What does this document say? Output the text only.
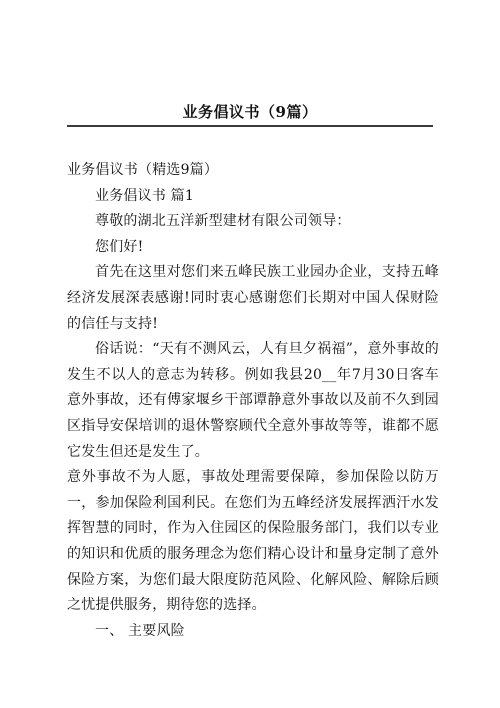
业务倡议书（9篇）

业务倡议书（精选9篇）

业务倡议书 篇1

尊敬的湖北五洋新型建材有限公司领导：

您们好!

首先在这里对您们来五峰民族工业园办企业，支持五峰经济发展深表感谢!同时衷心感谢您们长期对中国人保财险的信任与支持!

俗话说：“天有不测风云，人有旦夕祸福”，意外事故的发生不以人的意志为转移。例如我县20__年7月30日客车意外事故，还有傅家堰乡干部谭静意外事故以及前不久到园区指导安保培训的退休警察顾代全意外事故等等，谁都不愿它发生但还是发生了。

意外事故不为人愿，事故处理需要保障，参加保险以防万一，参加保险利国利民。在您们为五峰经济发展挥洒汗水发挥智慧的同时，作为入住园区的保险服务部门，我们以专业的知识和优质的服务理念为您们精心设计和量身定制了意外保险方案，为您们最大限度防范风险、化解风险、解除后顾之忧提供服务，期待您的选择。

一、 主要风险
